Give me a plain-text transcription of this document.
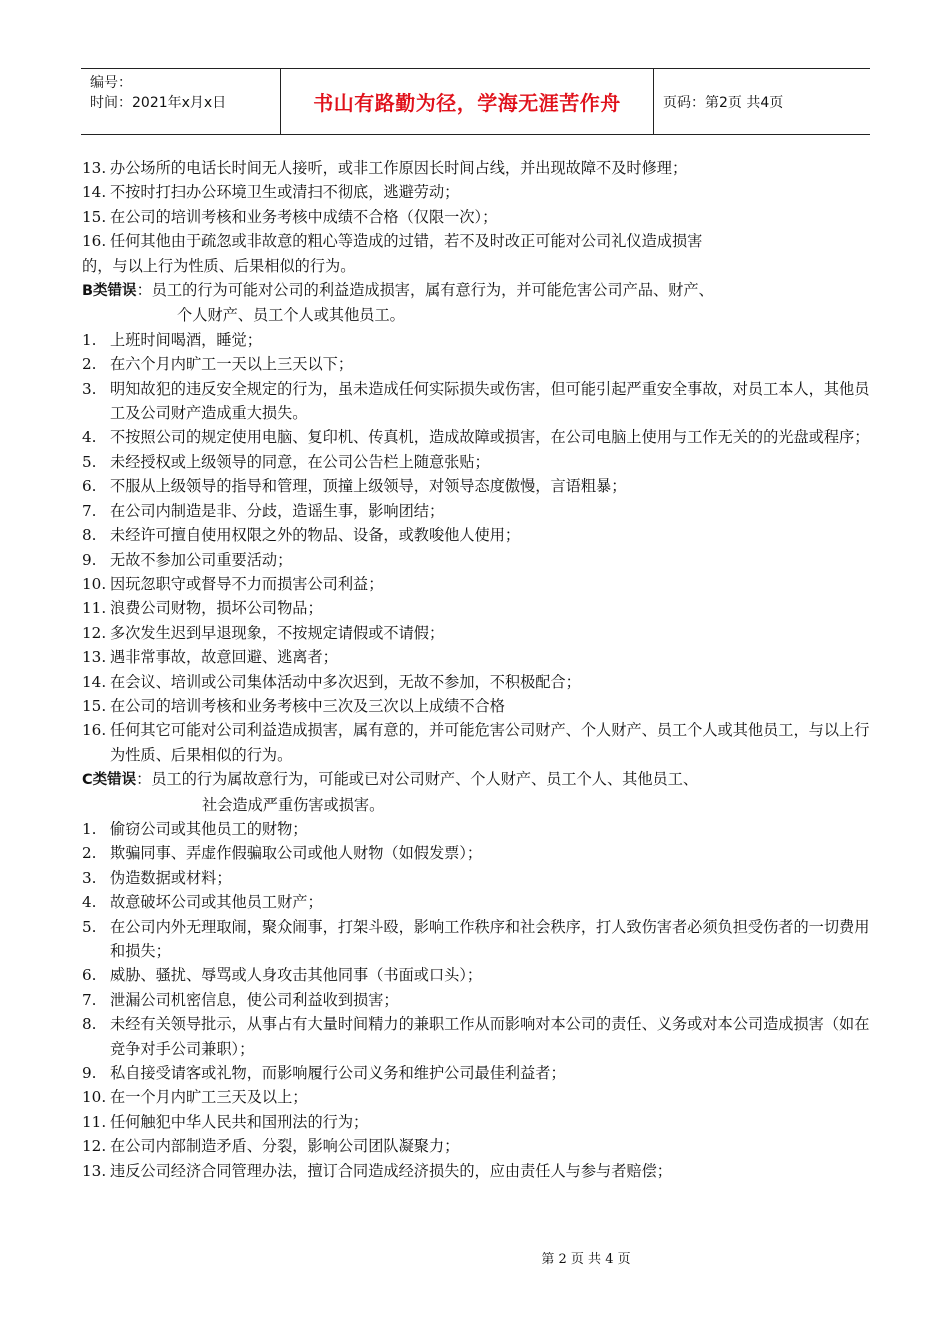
编号：
时间：2021年x月x日	书山有路勤为径，学海无涯苦作舟	页码：第2页 共4页
13. 办公场所的电话长时间无人接听，或非工作原因长时间占线，并出现故障不及时修理；
14. 不按时打扫办公环境卫生或清扫不彻底，逃避劳动；
15. 在公司的培训考核和业务考核中成绩不合格（仅限一次）；
16. 任何其他由于疏忽或非故意的粗心等造成的过错，若不及时改正可能对公司礼仪造成损害
的，与以上行为性质、后果相似的行为。
B类错误：员工的行为可能对公司的利益造成损害，属有意行为，并可能危害公司产品、财产、
个人财产、员工个人或其他员工。
1. 上班时间喝酒，睡觉；
2. 在六个月内旷工一天以上三天以下；
3. 明知故犯的违反安全规定的行为，虽未造成任何实际损失或伤害，但可能引起严重安全事故，对员工本人，其他员工及公司财产造成重大损失。
4. 不按照公司的规定使用电脑、复印机、传真机，造成故障或损害，在公司电脑上使用与工作无关的的光盘或程序；
5. 未经授权或上级领导的同意，在公司公告栏上随意张贴；
6. 不服从上级领导的指导和管理，顶撞上级领导，对领导态度傲慢，言语粗暴；
7. 在公司内制造是非、分歧，造谣生事，影响团结；
8. 未经许可擅自使用权限之外的物品、设备，或教唆他人使用；
9. 无故不参加公司重要活动；
10. 因玩忽职守或督导不力而损害公司利益；
11. 浪费公司财物，损坏公司物品；
12. 多次发生迟到早退现象，不按规定请假或不请假；
13. 遇非常事故，故意回避、逃离者；
14. 在会议、培训或公司集体活动中多次迟到，无故不参加，不积极配合；
15. 在公司的培训考核和业务考核中三次及三次以上成绩不合格
16. 任何其它可能对公司利益造成损害，属有意的，并可能危害公司财产、个人财产、员工个人或其他员工，与以上行为性质、后果相似的行为。
C类错误：员工的行为属故意行为，可能或已对公司财产、个人财产、员工个人、其他员工、
社会造成严重伤害或损害。
1. 偷窃公司或其他员工的财物；
2. 欺骗同事、弄虚作假骗取公司或他人财物（如假发票）；
3. 伪造数据或材料；
4. 故意破坏公司或其他员工财产；
5. 在公司内外无理取闹，聚众闹事，打架斗殴，影响工作秩序和社会秩序，打人致伤害者必须负担受伤者的一切费用和损失；
6. 威胁、骚扰、辱骂或人身攻击其他同事（书面或口头）；
7. 泄漏公司机密信息，使公司利益收到损害；
8. 未经有关领导批示，从事占有大量时间精力的兼职工作从而影响对本公司的责任、义务或对本公司造成损害（如在竞争对手公司兼职）；
9. 私自接受请客或礼物，而影响履行公司义务和维护公司最佳利益者；
10. 在一个月内旷工三天及以上；
11. 任何触犯中华人民共和国刑法的行为；
12. 在公司内部制造矛盾、分裂，影响公司团队凝聚力；
13. 违反公司经济合同管理办法，擅订合同造成经济损失的，应由责任人与参与者赔偿；
第 2 页 共 4 页
